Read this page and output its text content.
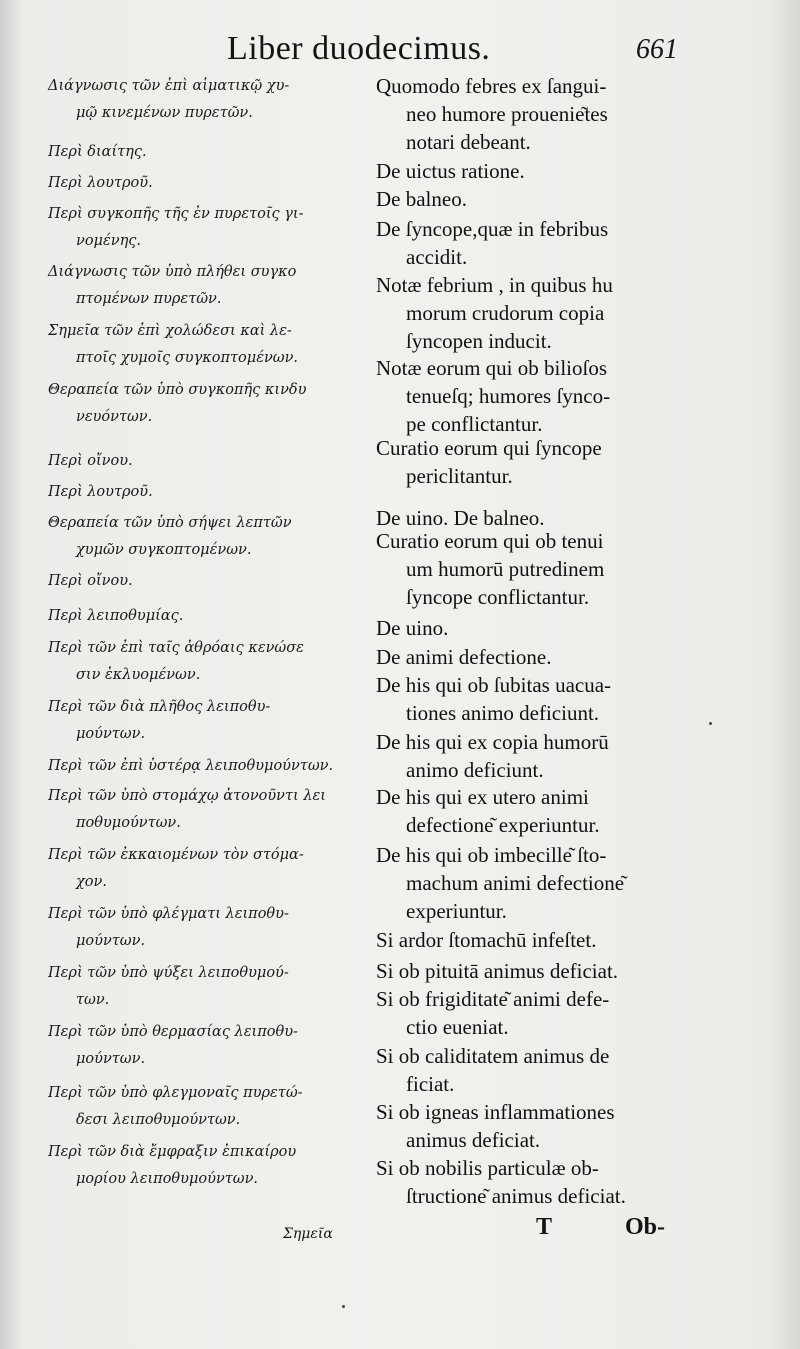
Liber duodecimus.	661
Διάγνωσις τῶν ἐπὶ αἱματικῷ χυ-
μῷ κινεμένων πυρετῶν.
Περὶ διαίτης.
Περὶ λουτροῦ.
Περὶ συγκοπῆς τῆς ἐν πυρετοῖς γι-
νομένης.
Διάγνωσις τῶν ὑπὸ πλήθει συγκο
πτομένων πυρετῶν.
Σημεῖα τῶν ἐπὶ χολώδεσι καὶ λε-
πτοῖς χυμοῖς συγκοπτομένων.
Θεραπεία τῶν ὑπὸ συγκοπῆς κινδυ
νευόντων.
Περὶ οἴνου.
Περὶ λουτροῦ.
Θεραπεία τῶν ὑπὸ σήψει λεπτῶν
χυμῶν συγκοπτομένων.
Περὶ οἴνου.
Περὶ λειποθυμίας.
Περὶ τῶν ἐπὶ ταῖς ἀθρόαις κενώσε
σιν ἐκλυομένων.
Περὶ τῶν διὰ πλῆθος λειποθυ-
μούντων.
Περὶ τῶν ἐπὶ ὑστέρᾳ λειποθυμούντων.
Περὶ τῶν ὑπὸ στομάχῳ ἀτονοῦντι λει
ποθυμούντων.
Περὶ τῶν ἐκκαιομένων τὸν στόμα-
χον.
Περὶ τῶν ὑπὸ φλέγματι λειποθυ-
μούντων.
Περὶ τῶν ὑπὸ ψύξει λειποθυμού-
των.
Περὶ τῶν ὑπὸ θερμασίας λειποθυ-
μούντων.
Περὶ τῶν ὑπὸ φλεγμοναῖς πυρετώ-
δεσι λειποθυμούντων.
Περὶ τῶν διὰ ἔμφραξιν ἐπικαίρου
μορίου λειποθυμούντων.
Quomodo febres ex ſangui-
neo humore prouenie͂tes
notari debeant.
De uictus ratione.
De balneo.
De ſyncope,quæ in febribus
accidit.
Notæ febrium , in quibus hu
morum crudorum copia
ſyncopen inducit.
Notæ eorum qui ob bilioſos
tenueſq; humores ſynco-
pe conflictantur.
Curatio eorum qui ſyncope
periclitantur.
De uino. De balneo.
Curatio eorum qui ob tenui
um humorū putredinem
ſyncope conflictantur.
De uino.
De animi defectione.
De his qui ob ſubitas uacua-
tiones animo deficiunt.
De his qui ex copia humorū
animo deficiunt.
De his qui ex utero animi
defectione͂ experiuntur.
De his qui ob imbecille͂ ſto-
machum animi defectione͂
experiuntur.
Si ardor ſtomachū infeſtet.
Si ob pituitā animus deficiat.
Si ob frigiditate͂ animi defe-
ctio eueniat.
Si ob caliditatem animus de
ficiat.
Si ob igneas inflammationes
animus deficiat.
Si ob nobilis particulæ ob-
ſtructione͂ animus deficiat.
Σημεῖα	T	Ob-
